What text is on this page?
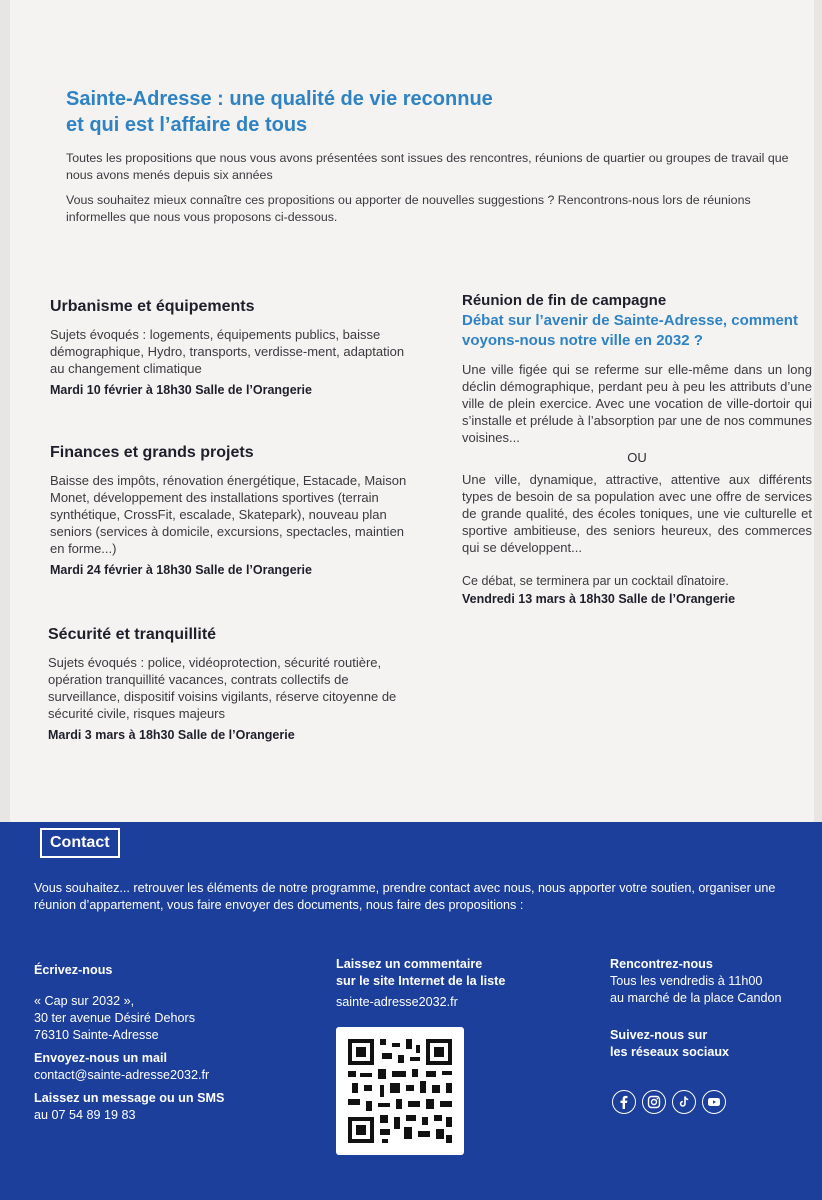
Sainte-Adresse : une qualité de vie reconnue
et qui est l’affaire de tous

Toutes les propositions que nous vous avons présentées sont issues des rencontres, réunions de quartier ou groupes de travail que nous avons menés depuis six années

Vous souhaitez mieux connaître ces propositions ou apporter de nouvelles suggestions ? Rencontrons-nous lors de réunions informelles que nous vous proposons ci-dessous.

Urbanisme et équipements

Sujets évoqués : logements, équipements publics, baisse démographique, Hydro, transports, verdisse-ment, adaptation au changement climatique

Mardi 10 février à 18h30 Salle de l’Orangerie
Finances et grands projets

Baisse des impôts, rénovation énergétique, Estacade, Maison Monet, développement des installations sportives (terrain synthétique, CrossFit, escalade, Skatepark), nouveau plan seniors (services à domicile, excursions, spectacles, maintien en forme...)

Mardi 24 février à 18h30 Salle de l’Orangerie
Sécurité et tranquillité

Sujets évoqués : police, vidéoprotection, sécurité routière, opération tranquillité vacances, contrats collectifs de surveillance, dispositif voisins vigilants, réserve citoyenne de sécurité civile, risques majeurs

Mardi 3 mars à 18h30 Salle de l’Orangerie
Réunion de fin de campagne
Débat sur l’avenir de Sainte-Adresse, comment voyons-nous notre ville en 2032 ?

Une ville figée qui se referme sur elle-même dans un long déclin démographique, perdant peu à peu les attributs d’une ville de plein exercice. Avec une vocation de ville-dortoir qui s’installe et prélude à l’absorption par une de nos communes voisines...

OU

Une ville, dynamique, attractive, attentive aux différents types de besoin de sa population avec une offre de services de grande qualité, des écoles toniques, une vie culturelle et sportive ambitieuse, des seniors heureux, des commerces qui se développent...

Ce débat, se terminera par un cocktail dînatoire.
Vendredi 13 mars à 18h30 Salle de l’Orangerie
Contact
Vous souhaitez... retrouver les éléments de notre programme, prendre contact avec nous, nous apporter votre soutien, organiser une réunion d’appartement, vous faire envoyer des documents, nous faire des propositions :
Écrivez-nous
« Cap sur 2032 »,
30 ter avenue Désiré Dehors
76310 Sainte-Adresse
Envoyez-nous un mail
contact@sainte-adresse2032.fr
Laissez un message ou un SMS
au 07 54 89 19 83
Laissez un commentaire
sur le site Internet de la liste
sainte-adresse2032.fr
Rencontrez-nous
Tous les vendredis à 11h00
au marché de la place Candon
Suivez-nous sur
les réseaux sociaux
